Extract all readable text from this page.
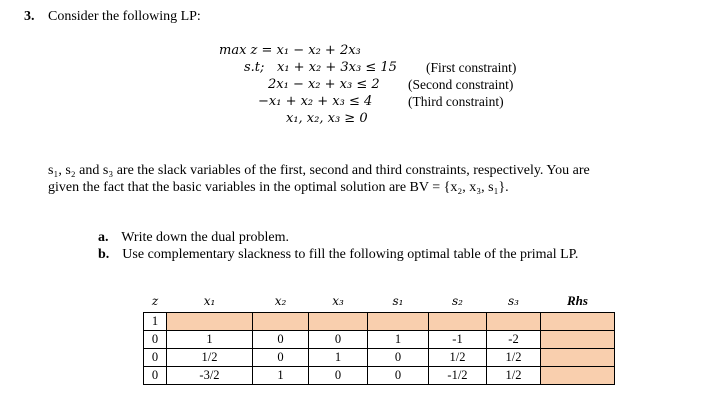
3. Consider the following LP:
max z = x₁ − x₂ + 2x₃
s.t; x₁ + x₂ + 3x₃ ≤ 15 (First constraint)
2x₁ − x₂ + x₃ ≤ 2 (Second constraint)
−x₁ + x₂ + x₃ ≤ 4	(Third constraint)
x₁, x₂, x₃ ≥ 0
s₁, s₂ and s₃ are the slack variables of the first, second and third constraints, respectively. You are
given the fact that the basic variables in the optimal solution are BV = {x₂, x₃, s₁}.
a. Write down the dual problem.
b. Use complementary slackness to fill the following optimal table of the primal LP.
z	x₁	x₂	x₃	s₁	s₂	s₃	Rhs
1							
0	1	0	0	1	-1	-2	
0	1/2	0	1	0	1/2	1/2	
0	-3/2	1	0	0	-1/2	1/2	
